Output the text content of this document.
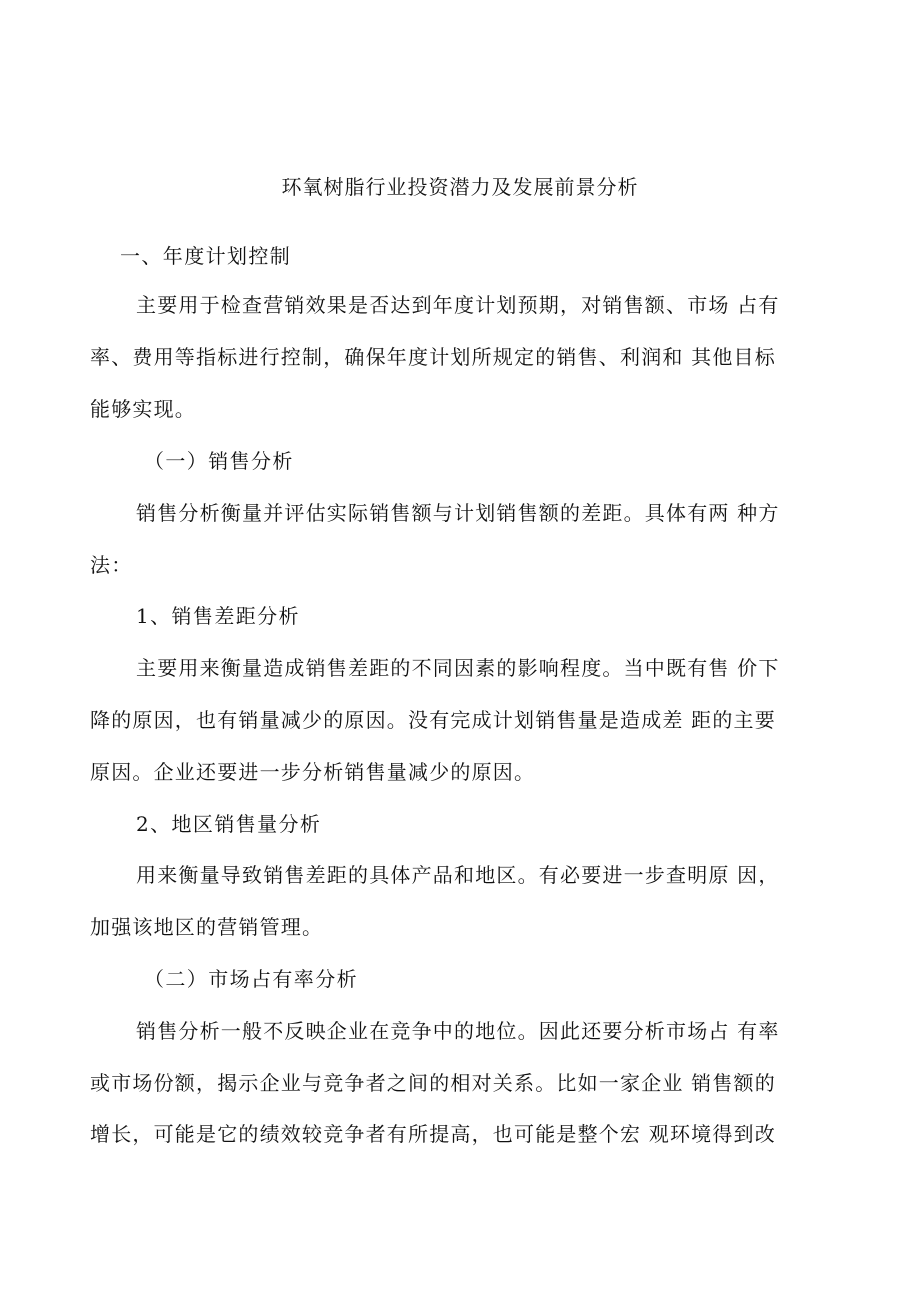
环氧树脂行业投资潜力及发展前景分析
一、年度计划控制
主要用于检查营销效果是否达到年度计划预期，对销售额、市场 占有
率、费用等指标进行控制，确保年度计划所规定的销售、利润和 其他目标
能够实现。
（一）销售分析
销售分析衡量并评估实际销售额与计划销售额的差距。具体有两 种方
法：
1、销售差距分析
主要用来衡量造成销售差距的不同因素的影响程度。当中既有售 价下
降的原因，也有销量减少的原因。没有完成计划销售量是造成差 距的主要
原因。企业还要进一步分析销售量减少的原因。
2、地区销售量分析
用来衡量导致销售差距的具体产品和地区。有必要进一步查明原 因，
加强该地区的营销管理。
（二）市场占有率分析
销售分析一般不反映企业在竞争中的地位。因此还要分析市场占 有率
或市场份额，揭示企业与竞争者之间的相对关系。比如一家企业 销售额的
增长，可能是它的绩效较竞争者有所提高，也可能是整个宏 观环境得到改
